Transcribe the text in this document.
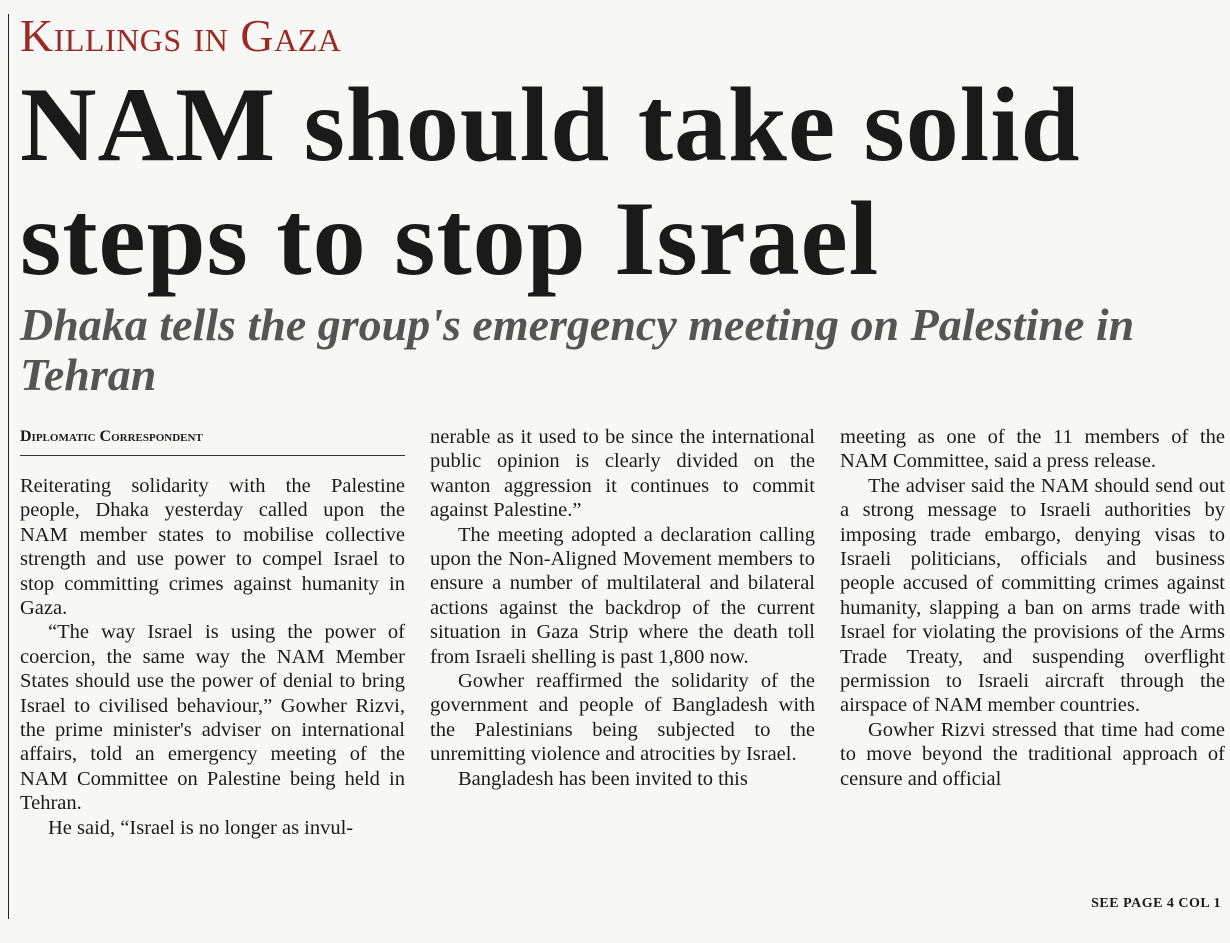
Killings in Gaza
NAM should take solid steps to stop Israel
Dhaka tells the group's emergency meeting on Palestine in Tehran
Diplomatic Correspondent

Reiterating solidarity with the Palestine people, Dhaka yesterday called upon the NAM member states to mobilise collective strength and use power to compel Israel to stop committing crimes against humanity in Gaza.

“The way Israel is using the power of coercion, the same way the NAM Member States should use the power of denial to bring Israel to civilised behaviour,” Gowher Rizvi, the prime minister's adviser on international affairs, told an emergency meeting of the NAM Committee on Palestine being held in Tehran.

He said, “Israel is no longer as invul-

nerable as it used to be since the international public opinion is clearly divided on the wanton aggression it continues to commit against Palestine.”

The meeting adopted a declaration calling upon the Non-Aligned Movement members to ensure a number of multilateral and bilateral actions against the backdrop of the current situation in Gaza Strip where the death toll from Israeli shelling is past 1,800 now.

Gowher reaffirmed the solidarity of the government and people of Bangladesh with the Palestinians being subjected to the unremitting violence and atrocities by Israel.

Bangladesh has been invited to this

meeting as one of the 11 members of the NAM Committee, said a press release.

The adviser said the NAM should send out a strong message to Israeli authorities by imposing trade embargo, denying visas to Israeli politicians, officials and business people accused of committing crimes against humanity, slapping a ban on arms trade with Israel for violating the provisions of the Arms Trade Treaty, and suspending overflight permission to Israeli aircraft through the airspace of NAM member countries.

Gowher Rizvi stressed that time had come to move beyond the traditional approach of censure and official

SEE PAGE 4 COL 1
